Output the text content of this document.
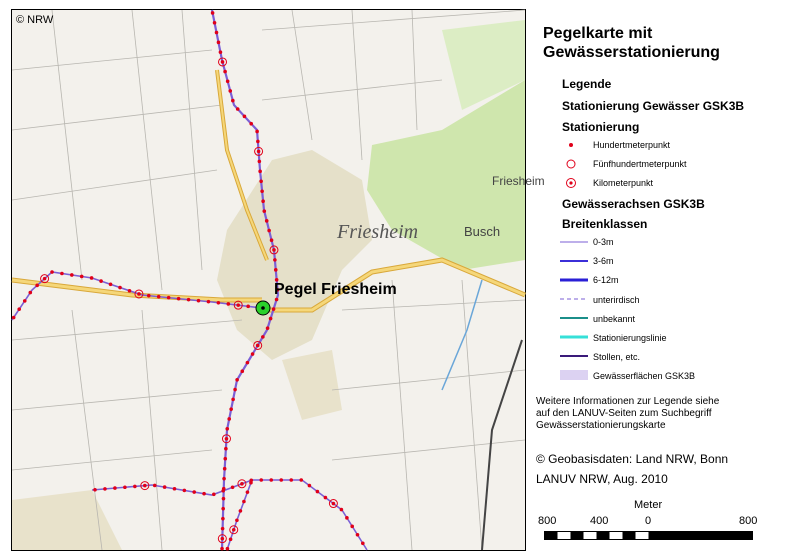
Friesheim	Busch
Friesheim
Pegel Friesheim
© NRW
Pegelkarte mit
Gewässerstationierung
Legende
Stationierung Gewässer GSK3B
Stationierung
Hundertmeterpunkt
Fünfhundertmeterpunkt
Kilometerpunkt
Gewässerachsen GSK3B
Breitenklassen
0-3m
3-6m
6-12m
unterirdisch
unbekannt
Stationierungslinie
Stollen, etc.
Gewässerflächen GSK3B
Weitere Informationen zur Legende siehe
auf den LANUV-Seiten zum Suchbegriff
Gewässerstationierungskarte
© Geobasisdaten: Land NRW, Bonn
LANUV NRW, Aug. 2010
Meter
800	400	0	800
